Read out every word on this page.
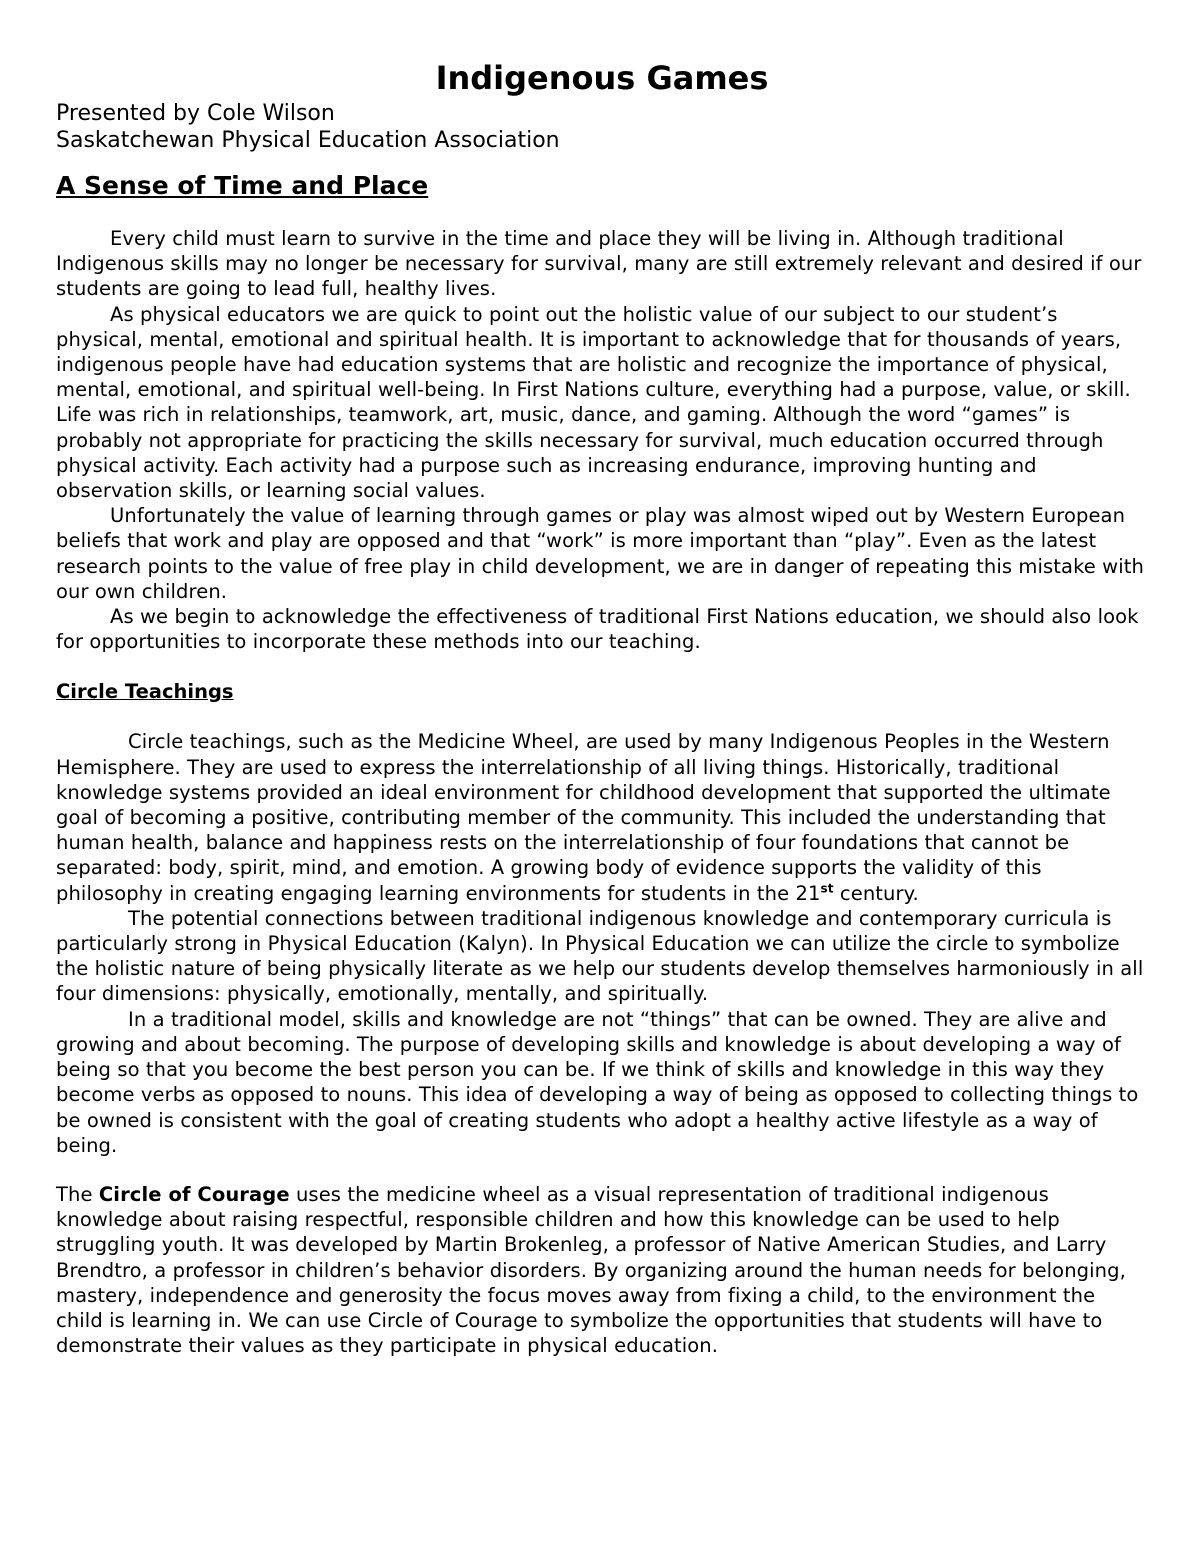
Indigenous Games

Presented by Cole Wilson

Saskatchewan Physical Education Association

A Sense of Time and Place

Every child must learn to survive in the time and place they will be living in. Although traditional Indigenous skills may no longer be necessary for survival, many are still extremely relevant and desired if our students are going to lead full, healthy lives.

As physical educators we are quick to point out the holistic value of our subject to our student’s physical, mental, emotional and spiritual health. It is important to acknowledge that for thousands of years, indigenous people have had education systems that are holistic and recognize the importance of physical, mental, emotional, and spiritual well-being. In First Nations culture, everything had a purpose, value, or skill. Life was rich in relationships, teamwork, art, music, dance, and gaming. Although the word “games” is probably not appropriate for practicing the skills necessary for survival, much education occurred through physical activity. Each activity had a purpose such as increasing endurance, improving hunting and observation skills, or learning social values.

Unfortunately the value of learning through games or play was almost wiped out by Western European beliefs that work and play are opposed and that “work” is more important than “play”. Even as the latest research points to the value of free play in child development, we are in danger of repeating this mistake with our own children.

As we begin to acknowledge the effectiveness of traditional First Nations education, we should also look for opportunities to incorporate these methods into our teaching.

Circle Teachings

Circle teachings, such as the Medicine Wheel, are used by many Indigenous Peoples in the Western Hemisphere. They are used to express the interrelationship of all living things. Historically, traditional knowledge systems provided an ideal environment for childhood development that supported the ultimate goal of becoming a positive, contributing member of the community. This included the understanding that human health, balance and happiness rests on the interrelationship of four foundations that cannot be separated: body, spirit, mind, and emotion. A growing body of evidence supports the validity of this philosophy in creating engaging learning environments for students in the 21st century.

The potential connections between traditional indigenous knowledge and contemporary curricula is particularly strong in Physical Education (Kalyn). In Physical Education we can utilize the circle to symbolize the holistic nature of being physically literate as we help our students develop themselves harmoniously in all four dimensions: physically, emotionally, mentally, and spiritually.

In a traditional model, skills and knowledge are not “things” that can be owned. They are alive and growing and about becoming. The purpose of developing skills and knowledge is about developing a way of being so that you become the best person you can be. If we think of skills and knowledge in this way they become verbs as opposed to nouns. This idea of developing a way of being as opposed to collecting things to be owned is consistent with the goal of creating students who adopt a healthy active lifestyle as a way of being.

The Circle of Courage uses the medicine wheel as a visual representation of traditional indigenous knowledge about raising respectful, responsible children and how this knowledge can be used to help struggling youth. It was developed by Martin Brokenleg, a professor of Native American Studies, and Larry Brendtro, a professor in children’s behavior disorders. By organizing around the human needs for belonging, mastery, independence and generosity the focus moves away from fixing a child, to the environment the child is learning in. We can use Circle of Courage to symbolize the opportunities that students will have to demonstrate their values as they participate in physical education.
